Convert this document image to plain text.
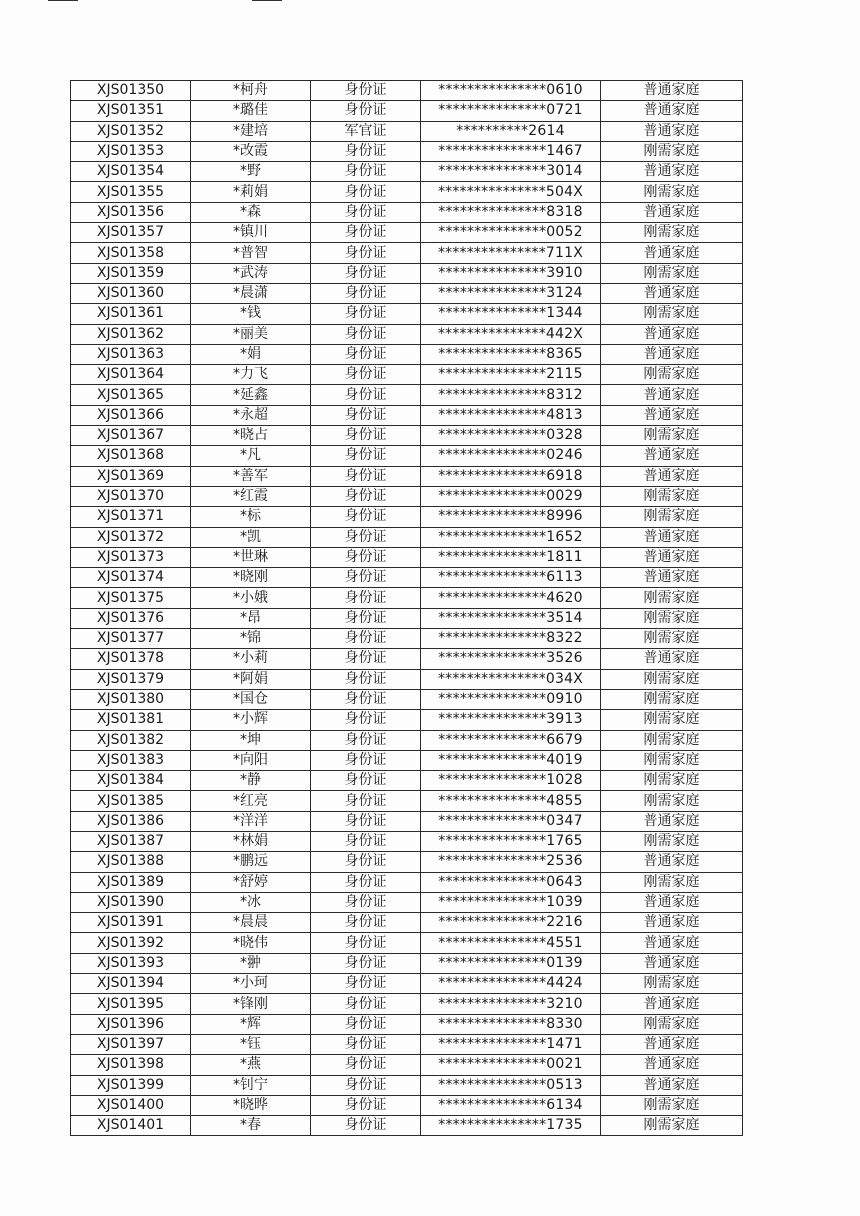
XJS01350	*柯舟	身份证	***************0610	普通家庭
XJS01351	*璐佳	身份证	***************0721	普通家庭
XJS01352	*建培	军官证	**********2614	普通家庭
XJS01353	*改霞	身份证	***************1467	刚需家庭
XJS01354	*野	身份证	***************3014	普通家庭
XJS01355	*莉娟	身份证	***************504X	刚需家庭
XJS01356	*森	身份证	***************8318	普通家庭
XJS01357	*镇川	身份证	***************0052	刚需家庭
XJS01358	*普智	身份证	***************711X	普通家庭
XJS01359	*武涛	身份证	***************3910	刚需家庭
XJS01360	*晨潇	身份证	***************3124	普通家庭
XJS01361	*钱	身份证	***************1344	刚需家庭
XJS01362	*丽美	身份证	***************442X	普通家庭
XJS01363	*娟	身份证	***************8365	普通家庭
XJS01364	*力飞	身份证	***************2115	刚需家庭
XJS01365	*延鑫	身份证	***************8312	普通家庭
XJS01366	*永超	身份证	***************4813	普通家庭
XJS01367	*晓占	身份证	***************0328	刚需家庭
XJS01368	*凡	身份证	***************0246	普通家庭
XJS01369	*善军	身份证	***************6918	普通家庭
XJS01370	*红霞	身份证	***************0029	刚需家庭
XJS01371	*标	身份证	***************8996	刚需家庭
XJS01372	*凯	身份证	***************1652	普通家庭
XJS01373	*世琳	身份证	***************1811	普通家庭
XJS01374	*晓刚	身份证	***************6113	普通家庭
XJS01375	*小娥	身份证	***************4620	刚需家庭
XJS01376	*昂	身份证	***************3514	刚需家庭
XJS01377	*锦	身份证	***************8322	刚需家庭
XJS01378	*小莉	身份证	***************3526	普通家庭
XJS01379	*阿娟	身份证	***************034X	刚需家庭
XJS01380	*国仓	身份证	***************0910	刚需家庭
XJS01381	*小辉	身份证	***************3913	刚需家庭
XJS01382	*坤	身份证	***************6679	刚需家庭
XJS01383	*向阳	身份证	***************4019	刚需家庭
XJS01384	*静	身份证	***************1028	刚需家庭
XJS01385	*红亮	身份证	***************4855	刚需家庭
XJS01386	*洋洋	身份证	***************0347	普通家庭
XJS01387	*林娟	身份证	***************1765	刚需家庭
XJS01388	*鹏远	身份证	***************2536	普通家庭
XJS01389	*舒婷	身份证	***************0643	刚需家庭
XJS01390	*冰	身份证	***************1039	普通家庭
XJS01391	*晨晨	身份证	***************2216	普通家庭
XJS01392	*晓伟	身份证	***************4551	普通家庭
XJS01393	*翀	身份证	***************0139	普通家庭
XJS01394	*小珂	身份证	***************4424	刚需家庭
XJS01395	*锋刚	身份证	***************3210	普通家庭
XJS01396	*辉	身份证	***************8330	刚需家庭
XJS01397	*钰	身份证	***************1471	普通家庭
XJS01398	*燕	身份证	***************0021	普通家庭
XJS01399	*钊宁	身份证	***************0513	普通家庭
XJS01400	*晓晔	身份证	***************6134	刚需家庭
XJS01401	*春	身份证	***************1735	刚需家庭
